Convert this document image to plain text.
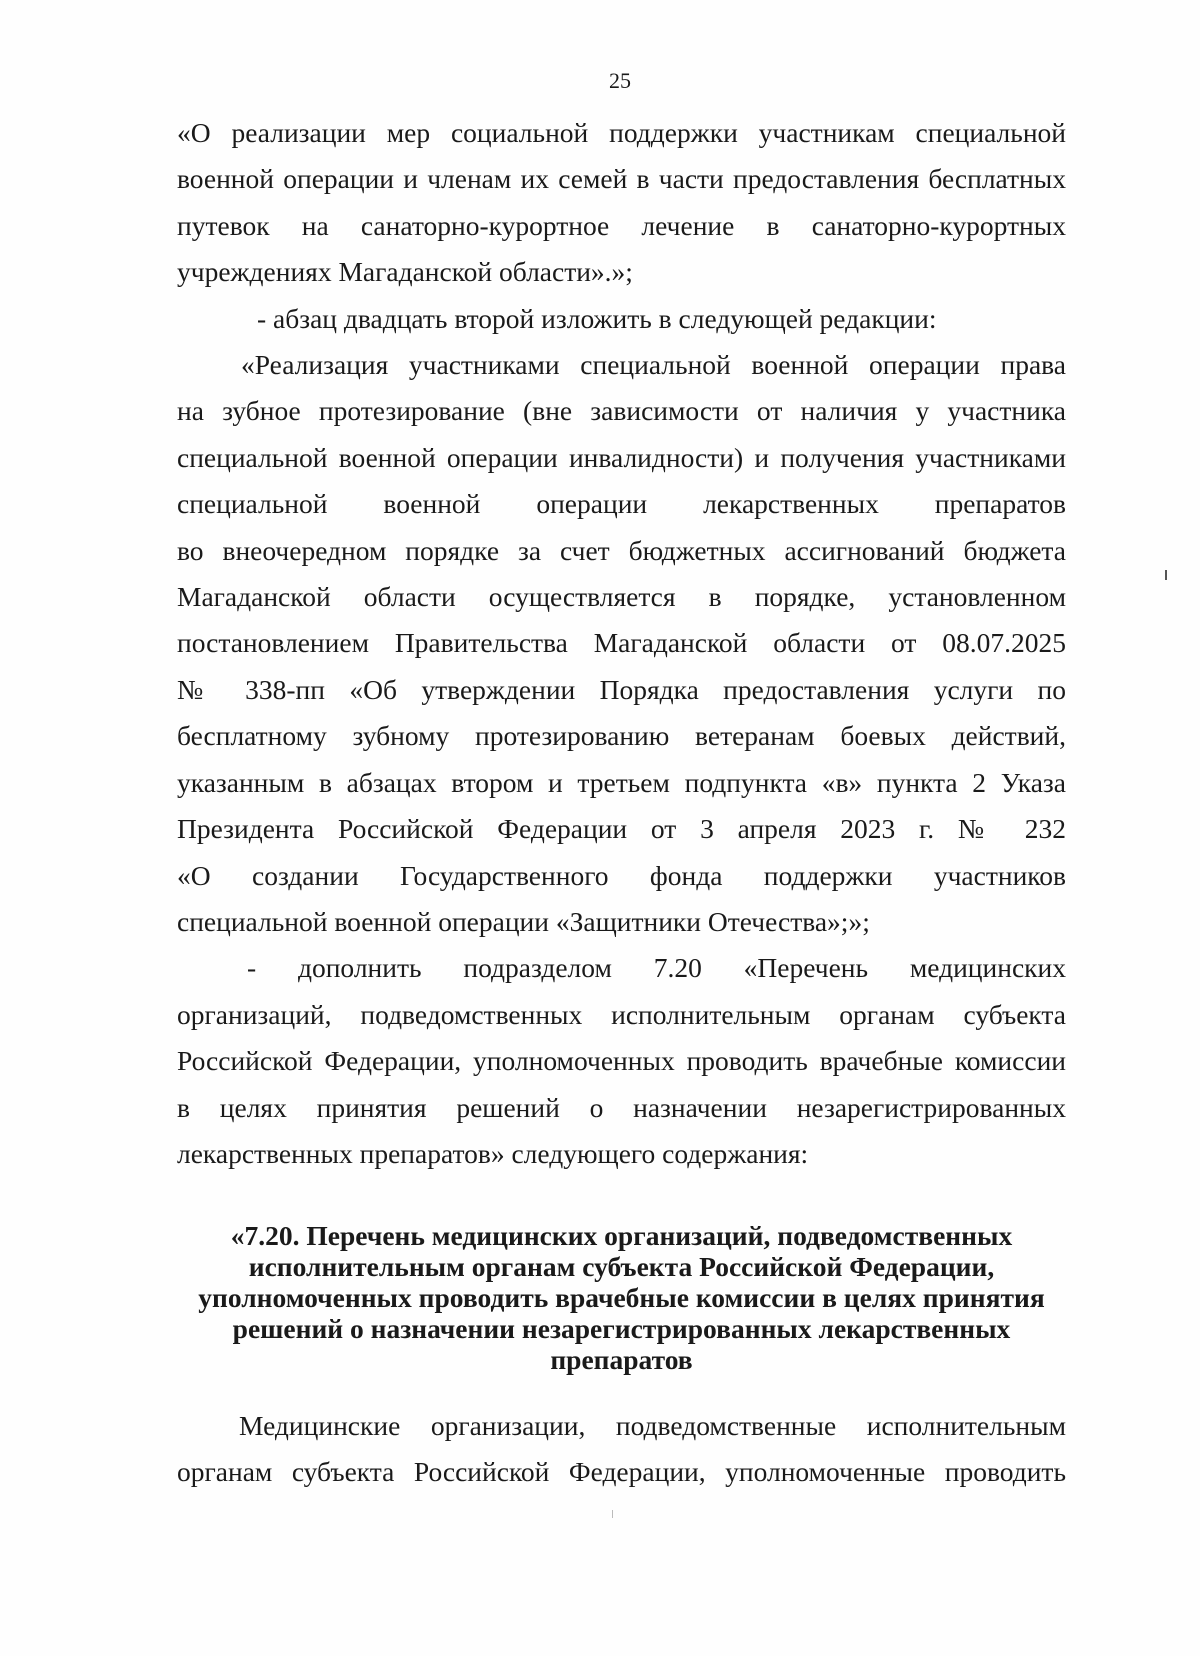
25
«О реализации мер социальной поддержки участникам специальной
военной операции и членам их семей в части предоставления бесплатных
путевок на санаторно-курортное лечение в санаторно-курортных
учреждениях Магаданской области».»;
- абзац двадцать второй изложить в следующей редакции:
«Реализация участниками специальной военной операции права
на зубное протезирование (вне зависимости от наличия у участника
специальной военной операции инвалидности) и получения участниками
специальной военной операции лекарственных препаратов
во внеочередном порядке за счет бюджетных ассигнований бюджета
Магаданской области осуществляется в порядке, установленном
постановлением Правительства Магаданской области от 08.07.2025
№ 338-пп «Об утверждении Порядка предоставления услуги по
бесплатному зубному протезированию ветеранам боевых действий,
указанным в абзацах втором и третьем подпункта «в» пункта 2 Указа
Президента Российской Федерации от 3 апреля 2023 г. № 232
«О создании Государственного фонда поддержки участников
специальной военной операции «Защитники Отечества»;»;
- дополнить подразделом 7.20 «Перечень медицинских
организаций, подведомственных исполнительным органам субъекта
Российской Федерации, уполномоченных проводить врачебные комиссии
в целях принятия решений о назначении незарегистрированных
лекарственных препаратов» следующего содержания:
«7.20. Перечень медицинских организаций, подведомственных
исполнительным органам субъекта Российской Федерации,
уполномоченных проводить врачебные комиссии в целях принятия
решений о назначении незарегистрированных лекарственных
препаратов
Медицинские организации, подведомственные исполнительным
органам субъекта Российской Федерации, уполномоченные проводить
